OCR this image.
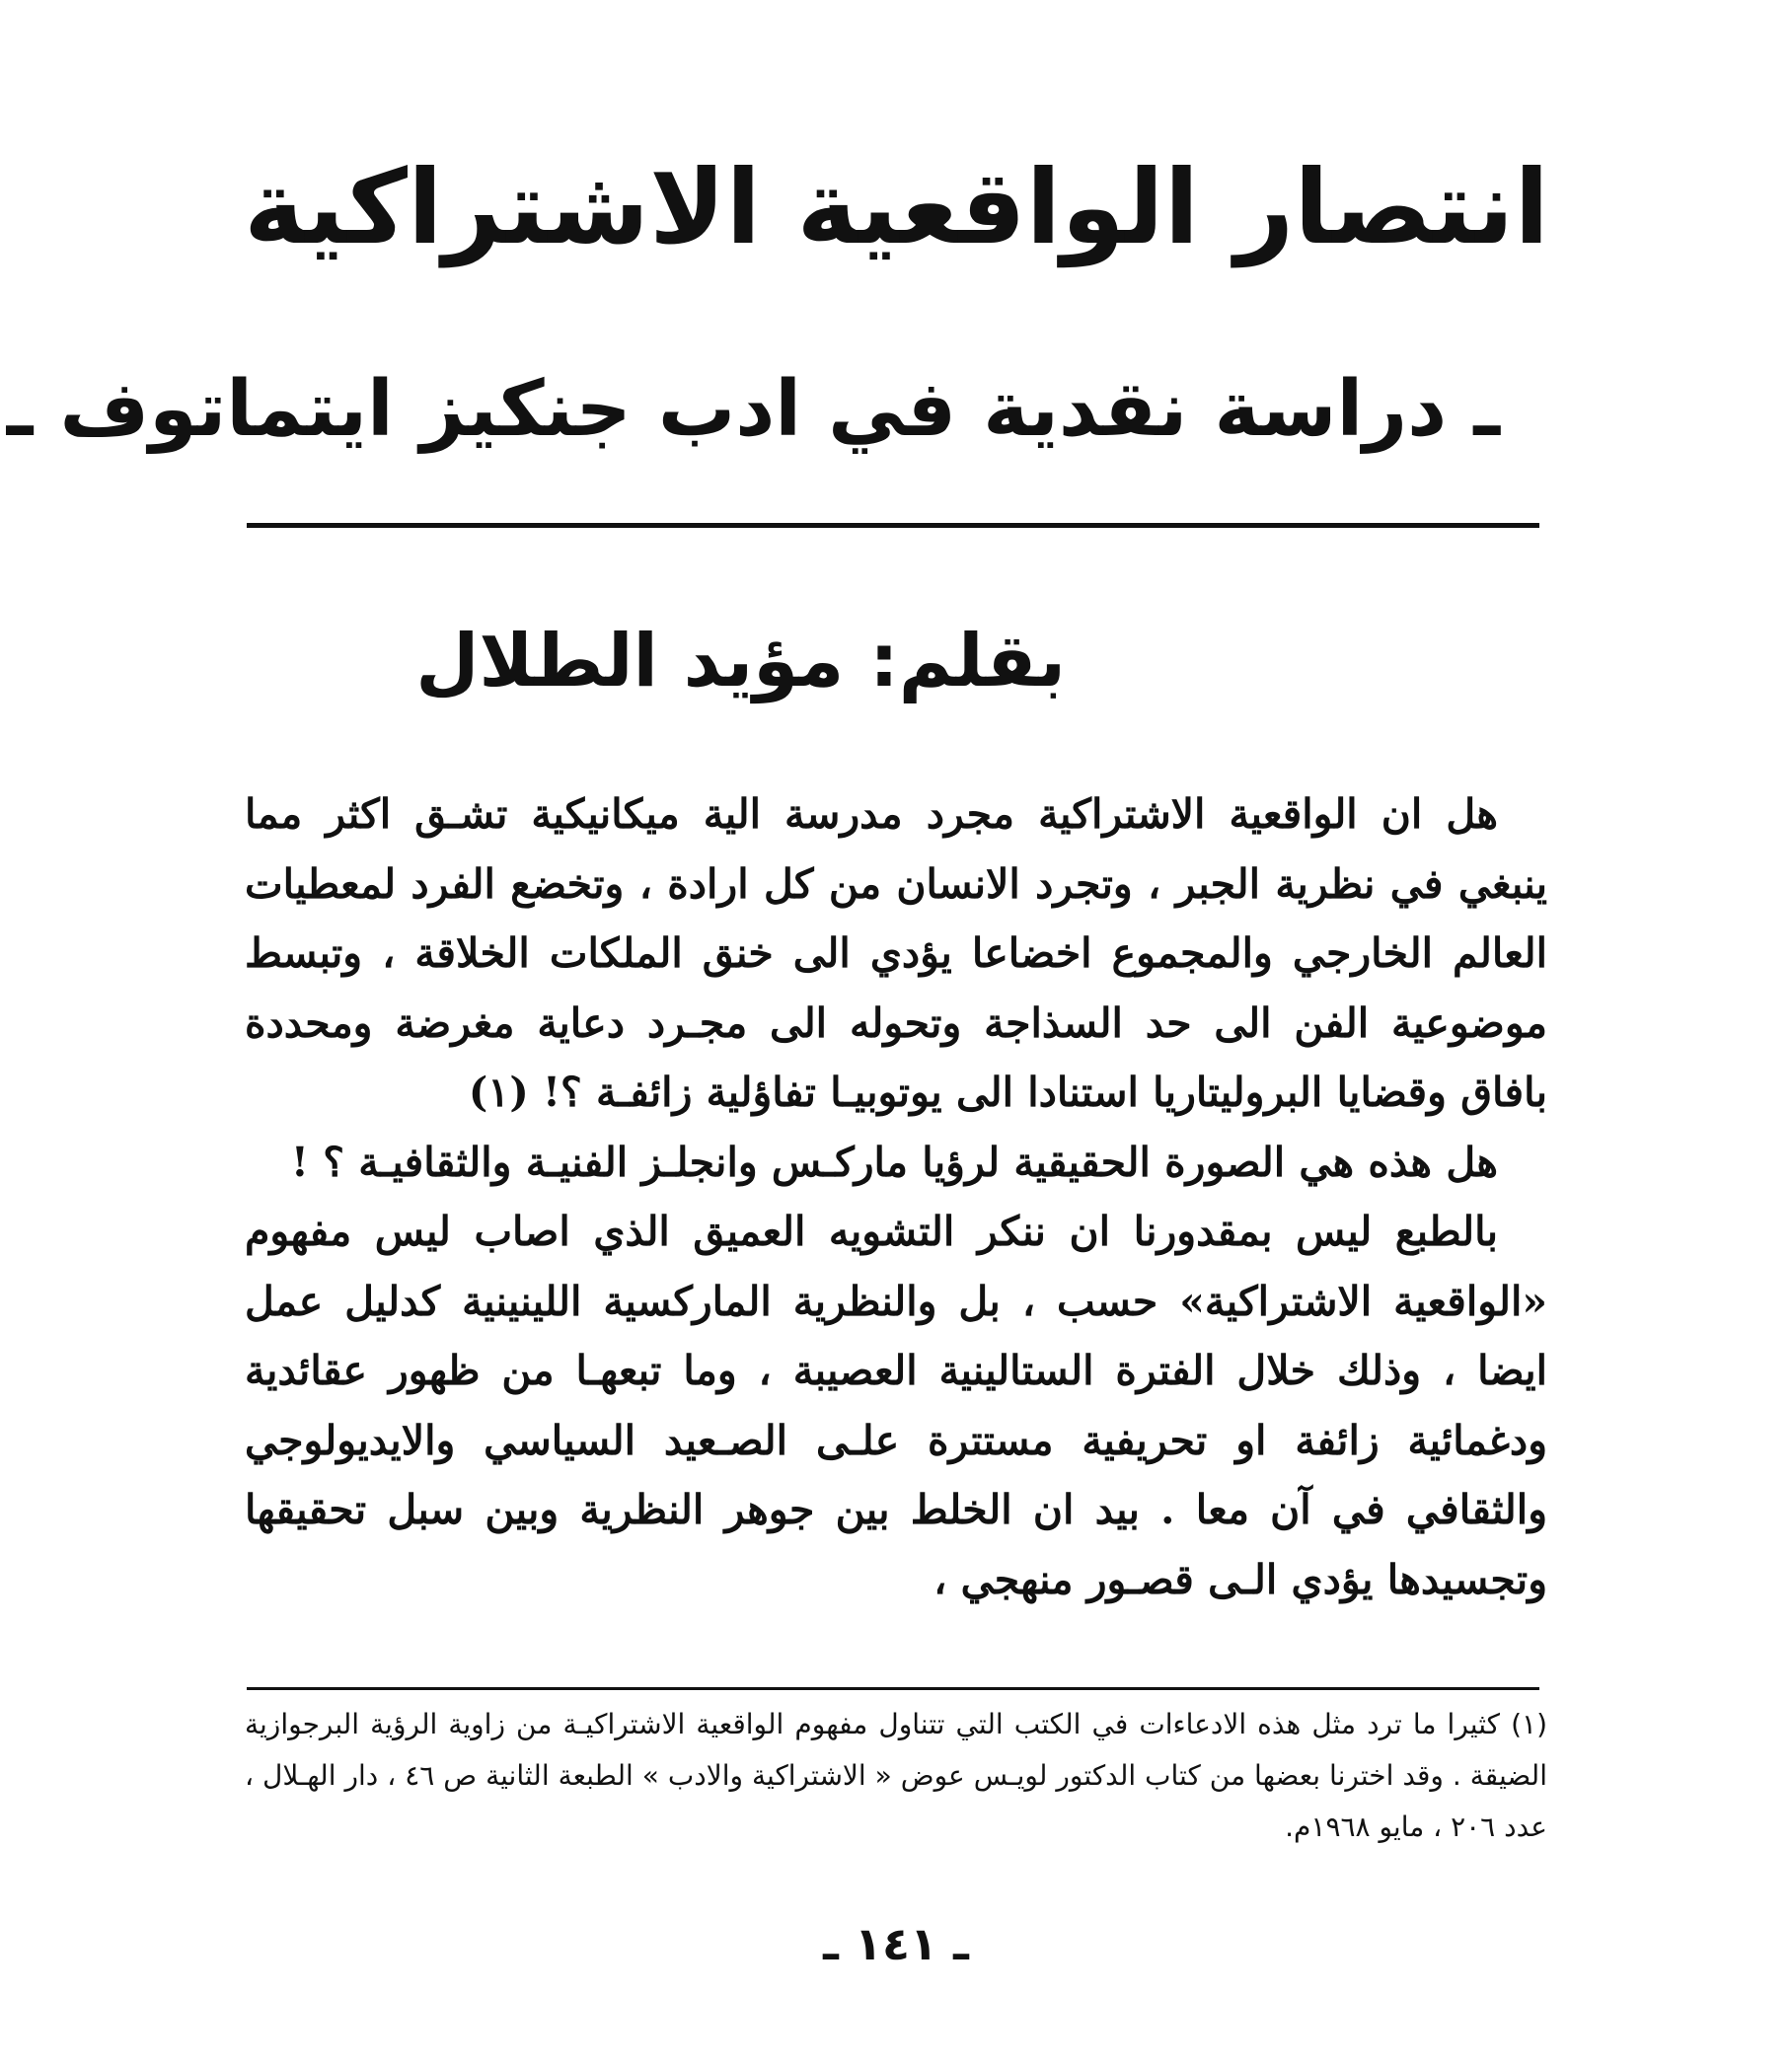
انتصار الواقعية الاشتراكية
ـ دراسة نقدية في ادب جنكيز ايتماتوف ـ
بقلم: مؤيد الطلال

هل ان الواقعية الاشتراكية مجرد مدرسة الية ميكانيكية تشـق اكثر مما ينبغي في نظرية الجبر ، وتجرد الانسان من كل ارادة ، وتخضع الفرد لمعطيات العالم الخارجي والمجموع اخضاعا يؤدي الى خنق الملكات الخلاقة ، وتبسط موضوعية الفن الى حد السذاجة وتحوله الى مجـرد دعاية مغرضة ومحددة بافاق وقضايا البروليتاريا استنادا الى يوتوبيـا تفاؤلية زائفـة ؟! (١)

هل هذه هي الصورة الحقيقية لرؤيا ماركـس وانجلـز الفنيـة والثقافيـة ؟ !

بالطبع ليس بمقدورنا ان ننكر التشويه العميق الذي اصاب ليس مفهوم «الواقعية الاشتراكية» حسب ، بل والنظرية الماركسية اللينينية كدليل عمل ايضا ، وذلك خلال الفترة الستالينية العصيبة ، وما تبعهـا من ظهور عقائدية ودغمائية زائفة او تحريفية مستترة علـى الصـعيد السياسي والايديولوجي والثقافي في آن معا . بيد ان الخلط بين جوهر النظرية وبين سبل تحقيقها وتجسيدها يؤدي الـى قصـور منهجي ،

(١) كثيرا ما ترد مثل هذه الادعاءات في الكتب التي تتناول مفهوم الواقعية الاشتراكيـة من زاوية الرؤية البرجوازية الضيقة . وقد اخترنا بعضها من كتاب الدكتور لويـس عوض « الاشتراكية والادب » الطبعة الثانية ص ٤٦ ، دار الهـلال ، عدد ٢٠٦ ، مايو ١٩٦٨م.

ـ ١٤١ ـ
